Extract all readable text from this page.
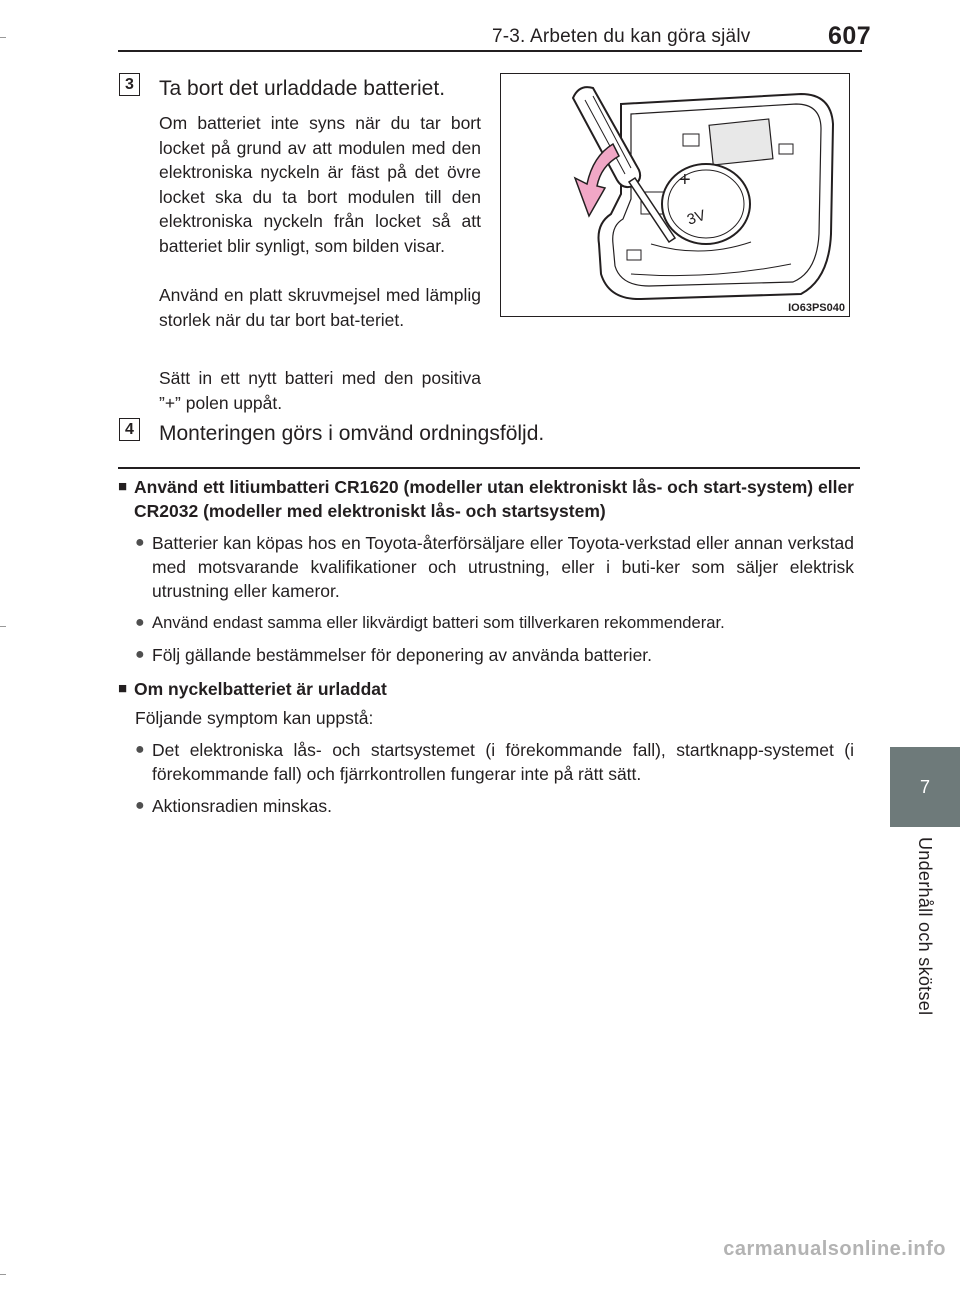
7-3. Arbeten du kan göra själv	607
7
Underhåll och skötsel
3 Ta bort det urladdade batteriet.
Om batteriet inte syns när du tar bort locket på grund av att modulen med den elektroniska nyckeln är fäst på det övre locket ska du ta bort modulen till den elektroniska nyckeln från locket så att batteriet blir synligt, som bilden visar.
Använd en platt skruvmejsel med lämplig storlek när du tar bort bat-teriet.
Sätt in ett nytt batteri med den positiva ”+” polen uppåt.
+
3V
IO63PS040
4 Monteringen görs i omvänd ordningsföljd.
■ Använd ett litiumbatteri CR1620 (modeller utan elektroniskt lås- och start-system) eller CR2032 (modeller med elektroniskt lås- och startsystem)
● Batterier kan köpas hos en Toyota-återförsäljare eller Toyota-verkstad eller annan verkstad med motsvarande kvalifikationer och utrustning, eller i buti-ker som säljer elektrisk utrustning eller kameror.
● Använd endast samma eller likvärdigt batteri som tillverkaren rekommenderar.
● Följ gällande bestämmelser för deponering av använda batterier.
■ Om nyckelbatteriet är urladdat
Följande symptom kan uppstå:
● Det elektroniska lås- och startsystemet (i förekommande fall), startknapp-systemet (i förekommande fall) och fjärrkontrollen fungerar inte på rätt sätt.
● Aktionsradien minskas.
carmanualsonline.info
